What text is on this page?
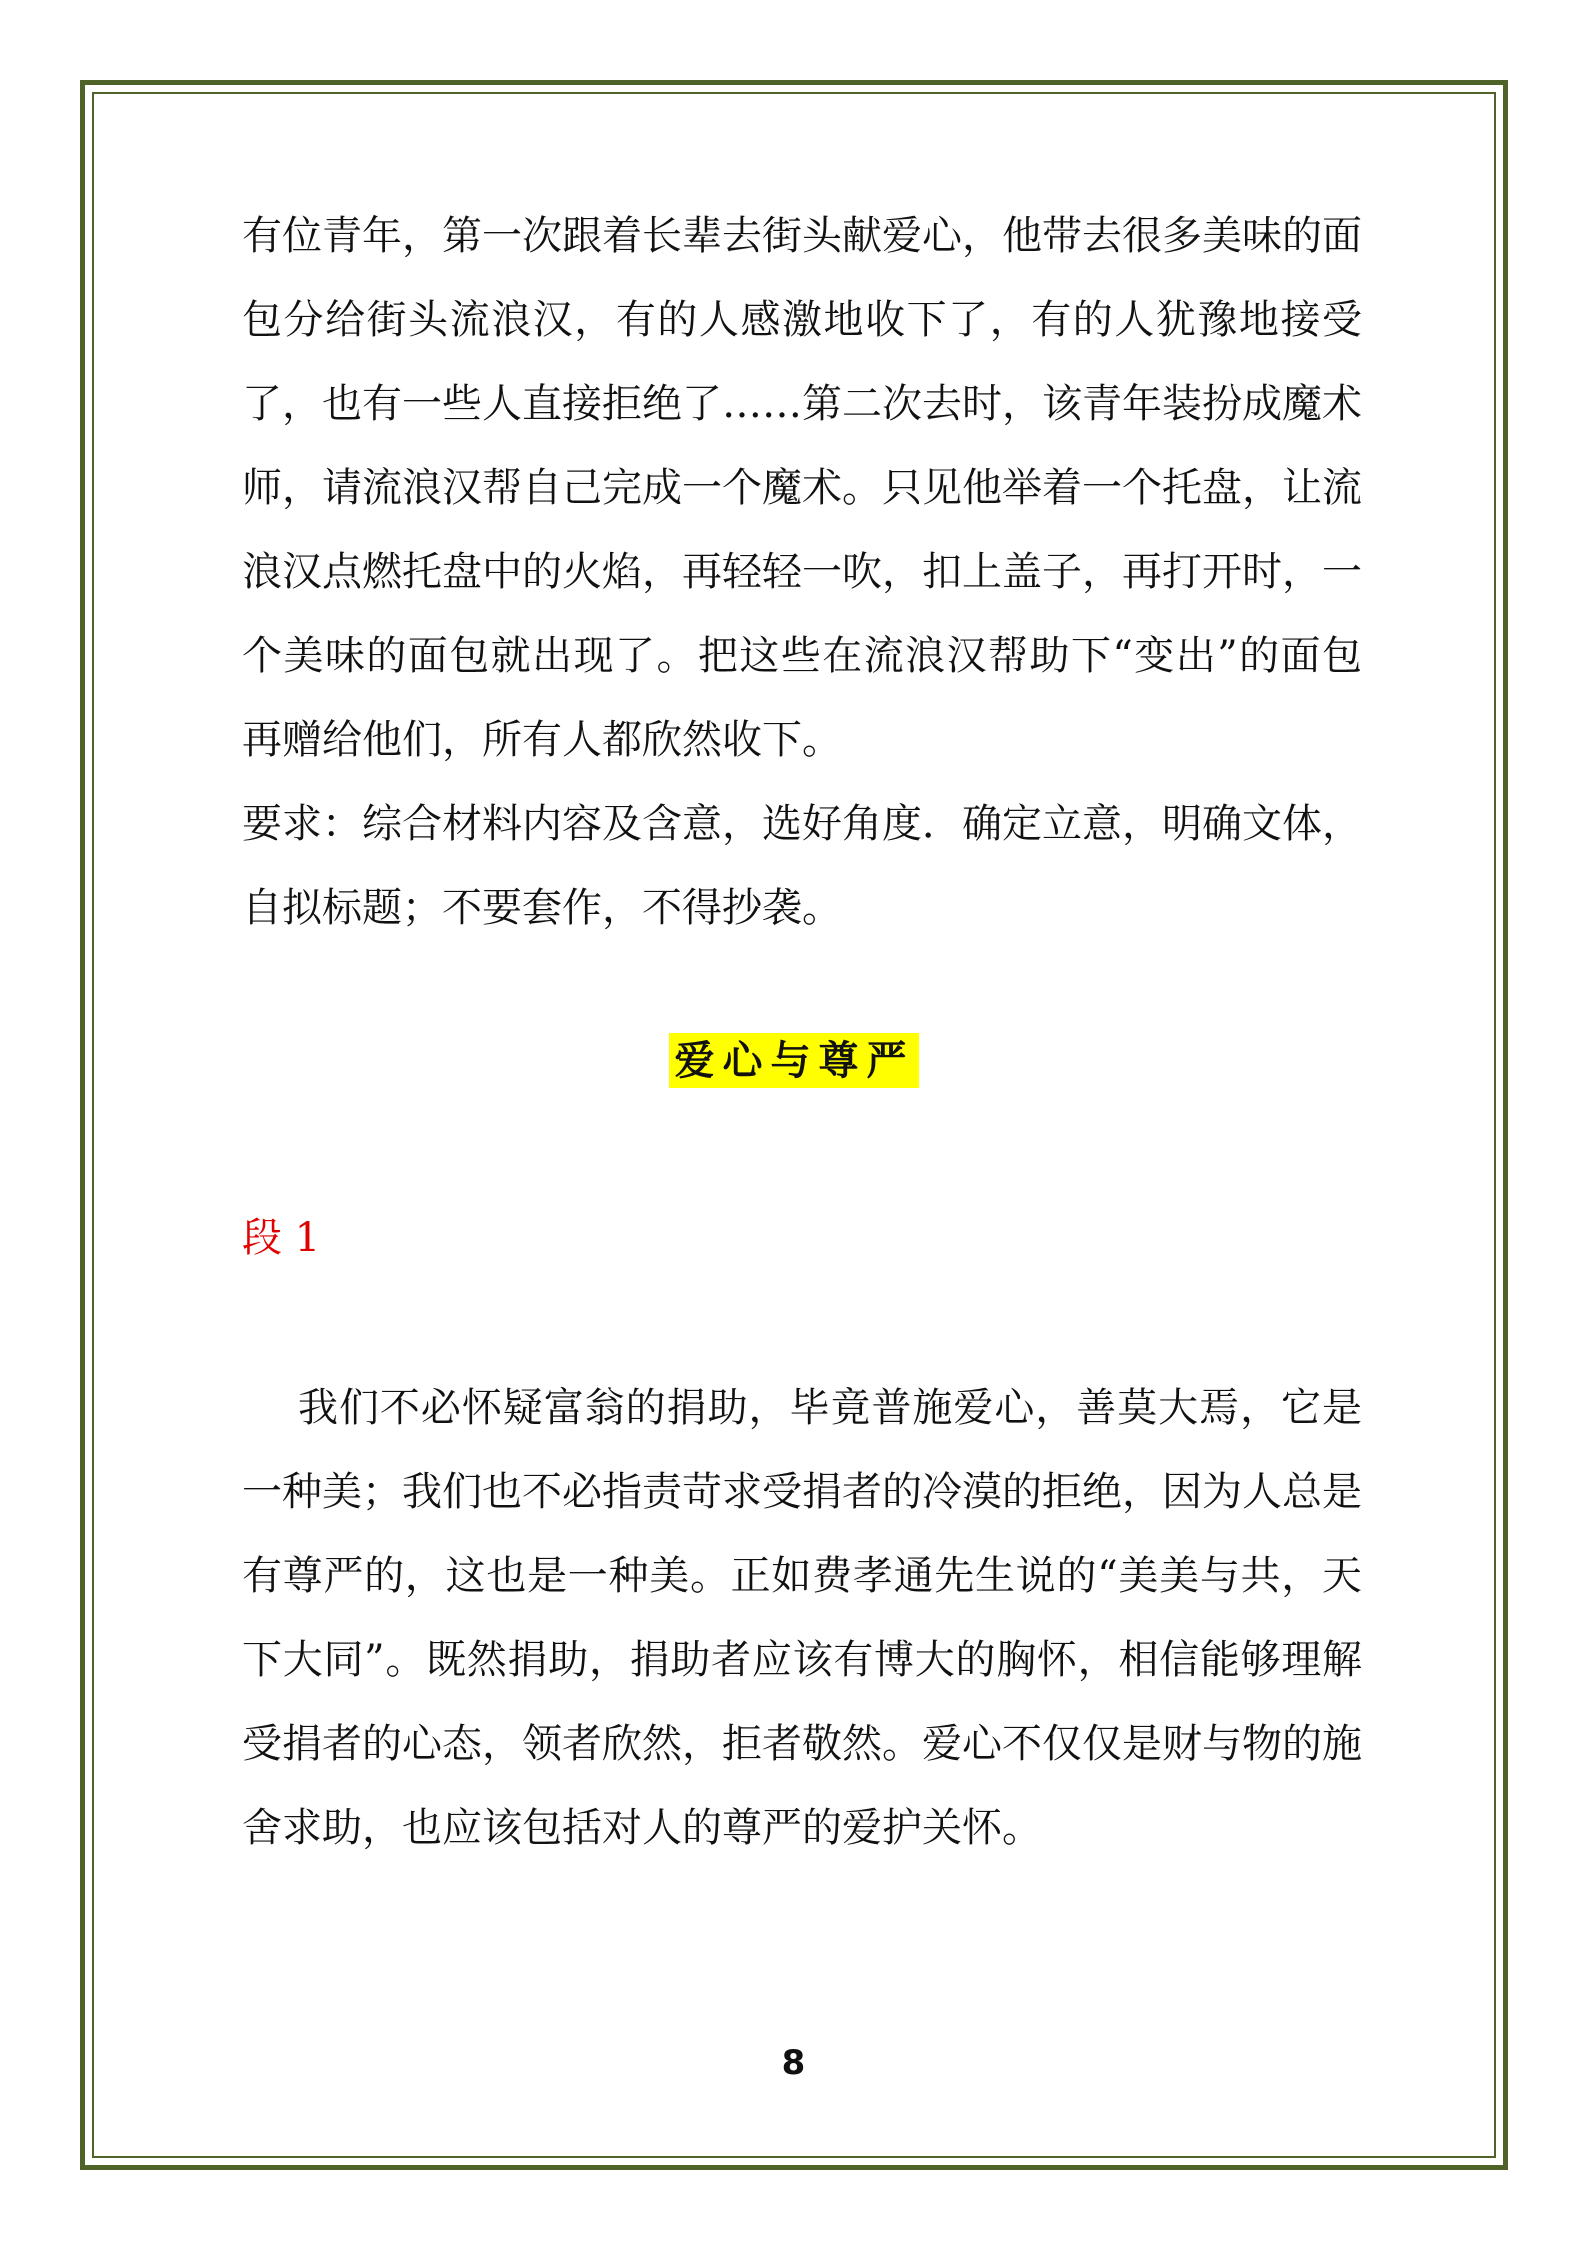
有位青年，第一次跟着长辈去街头献爱心，他带去很多美味的面包分给街头流浪汉，有的人感激地收下了，有的人犹豫地接受了，也有一些人直接拒绝了……第二次去时，该青年装扮成魔术师，请流浪汉帮自己完成一个魔术。只见他举着一个托盘，让流浪汉点燃托盘中的火焰，再轻轻一吹，扣上盖子，再打开时，一个美味的面包就出现了。把这些在流浪汉帮助下“变出”的面包再赠给他们，所有人都欣然收下。

要求：综合材料内容及含意，选好角度．确定立意，明确文体，自拟标题；不要套作，不得抄袭。

爱心与尊严

段 1

我们不必怀疑富翁的捐助，毕竟普施爱心，善莫大焉，它是一种美；我们也不必指责苛求受捐者的冷漠的拒绝，因为人总是有尊严的，这也是一种美。正如费孝通先生说的“美美与共，天下大同”。既然捐助，捐助者应该有博大的胸怀，相信能够理解受捐者的心态，领者欣然，拒者敬然。爱心不仅仅是财与物的施舍求助，也应该包括对人的尊严的爱护关怀。

8
